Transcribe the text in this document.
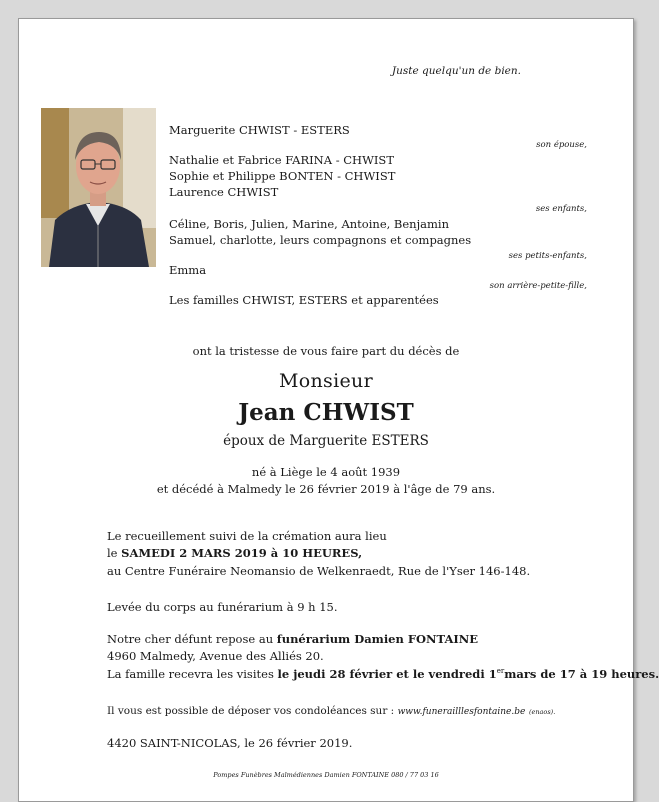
Juste quelqu'un de bien.
Marguerite CHWIST - ESTERS
son épouse,
Nathalie et Fabrice FARINA - CHWIST
Sophie et Philippe BONTEN - CHWIST
Laurence CHWIST
ses enfants,
Céline, Boris, Julien, Marine, Antoine, Benjamin
Samuel, charlotte, leurs compagnons et compagnes
ses petits-enfants,
Emma
son arrière-petite-fille,
Les familles CHWIST, ESTERS et apparentées
ont la tristesse de vous faire part du décès de
Monsieur
Jean CHWIST
époux de Marguerite ESTERS
né à Liège le 4 août 1939
et décédé à Malmedy le 26 février 2019 à l'âge de 79 ans.
Le recueillement suivi de la crémation aura lieu
le SAMEDI 2 MARS 2019 à 10 HEURES,
au Centre Funéraire Neomansio de Welkenraedt, Rue de l'Yser 146-148.
Levée du corps au funérarium à 9 h 15.
Notre cher défunt repose au funérarium Damien FONTAINE
4960 Malmedy, Avenue des Alliés 20.
La famille recevra les visites le jeudi 28 février et le vendredi 1ermars de 17 à 19 heures.
Il vous est possible de déposer vos condoléances sur : www.funerailllesfontaine.be (enaos).
4420 SAINT-NICOLAS, le 26 février 2019.
Pompes Funèbres Malmédiennes Damien FONTAINE 080 / 77 03 16
